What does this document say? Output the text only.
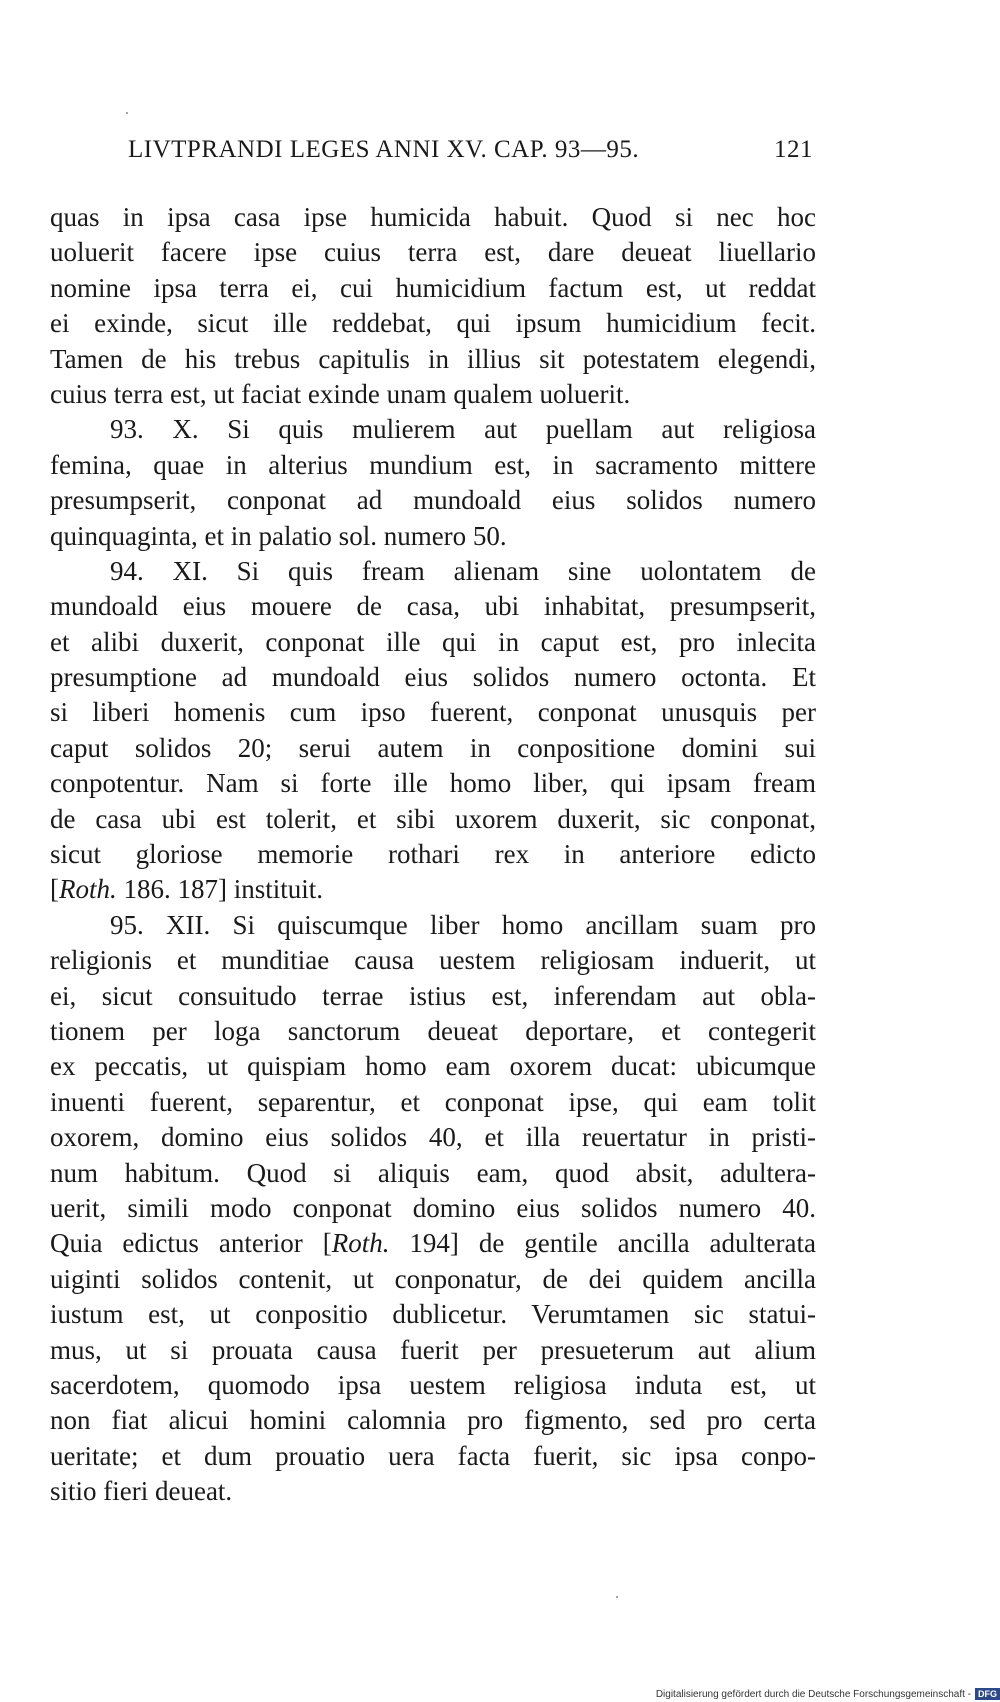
LIVTPRANDI LEGES ANNI XV. CAP. 93—95.	121
quas in ipsa casa ipse humicida habuit. Quod si nec hoc
uoluerit facere ipse cuius terra est, dare deueat liuellario
nomine ipsa terra ei, cui humicidium factum est, ut reddat
ei exinde, sicut ille reddebat, qui ipsum humicidium fecit.
Tamen de his trebus capitulis in illius sit potestatem elegendi,
cuius terra est, ut faciat exinde unam qualem uoluerit.
93. X. Si quis mulierem aut puellam aut religiosa
femina, quae in alterius mundium est, in sacramento mittere
presumpserit, conponat ad mundoald eius solidos numero
quinquaginta, et in palatio sol. numero 50.
94. XI. Si quis fream alienam sine uolontatem de
mundoald eius mouere de casa, ubi inhabitat, presumpserit,
et alibi duxerit, conponat ille qui in caput est, pro inlecita
presumptione ad mundoald eius solidos numero octonta. Et
si liberi homenis cum ipso fuerent, conponat unusquis per
caput solidos 20; serui autem in conpositione domini sui
conpotentur. Nam si forte ille homo liber, qui ipsam fream
de casa ubi est tolerit, et sibi uxorem duxerit, sic conponat,
sicut gloriose memorie rothari rex in anteriore edicto
[Roth. 186. 187] instituit.
95. XII. Si quiscumque liber homo ancillam suam pro
religionis et munditiae causa uestem religiosam induerit, ut
ei, sicut consuitudo terrae istius est, inferendam aut obla-
tionem per loga sanctorum deueat deportare, et contegerit
ex peccatis, ut quispiam homo eam oxorem ducat: ubicumque
inuenti fuerent, separentur, et conponat ipse, qui eam tolit
oxorem, domino eius solidos 40, et illa reuertatur in pristi-
num habitum. Quod si aliquis eam, quod absit, adultera-
uerit, simili modo conponat domino eius solidos numero 40.
Quia edictus anterior [Roth. 194] de gentile ancilla adulterata
uiginti solidos contenit, ut conponatur, de dei quidem ancilla
iustum est, ut conpositio dublicetur. Verumtamen sic statui-
mus, ut si prouata causa fuerit per presueterum aut alium
sacerdotem, quomodo ipsa uestem religiosa induta est, ut
non fiat alicui homini calomnia pro figmento, sed pro certa
ueritate; et dum prouatio uera facta fuerit, sic ipsa conpo-
sitio fieri deueat.
Digitalisierung gefördert durch die Deutsche Forschungsgemeinschaft - DFG
